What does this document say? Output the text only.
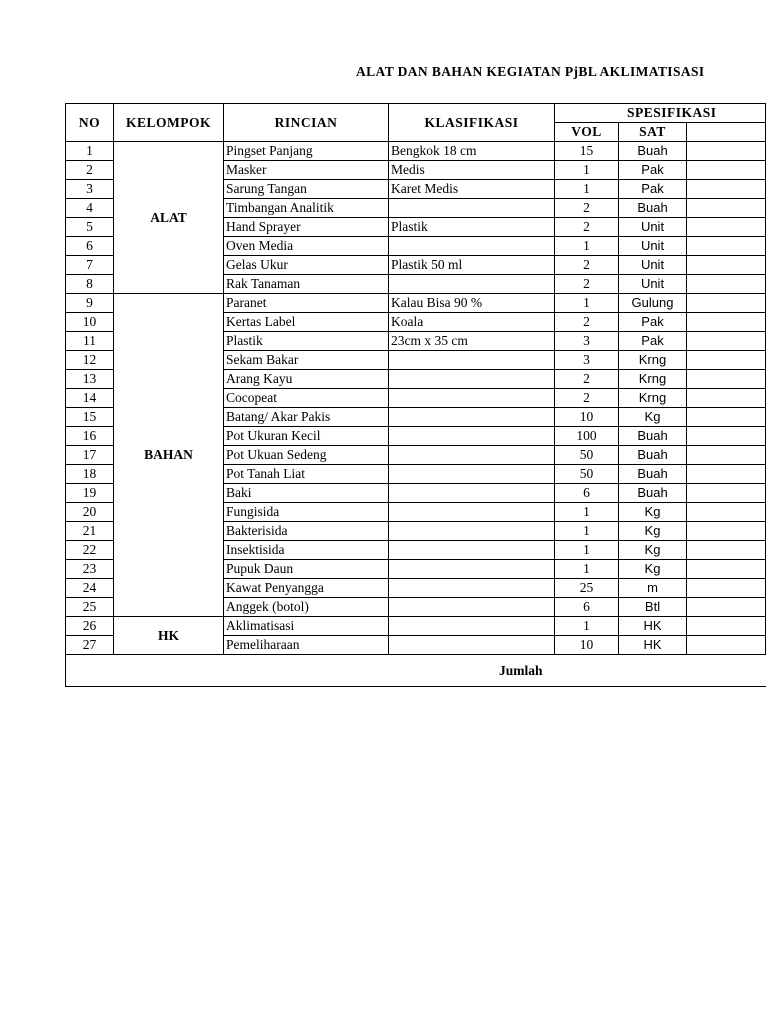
ALAT DAN BAHAN KEGIATAN PjBL AKLIMATISASI
NO	KELOMPOK	RINCIAN	KLASIFIKASI	SPESIFIKASI		
				VOL	SAT	
1	ALAT	Pingset Panjang	Bengkok 18 cm	15	Buah	
2		Masker	Medis	1	Pak	
3		Sarung Tangan	Karet Medis	1	Pak	
4		Timbangan Analitik		2	Buah	
5		Hand Sprayer	Plastik	2	Unit	
6		Oven Media		1	Unit	
7		Gelas Ukur	Plastik 50 ml	2	Unit	
8		Rak Tanaman		2	Unit	
9	BAHAN	Paranet	Kalau Bisa 90 %	1	Gulung	
10		Kertas Label	Koala	2	Pak	
11		Plastik	23cm x 35 cm	3	Pak	
12		Sekam Bakar		3	Krng	
13		Arang Kayu		2	Krng	
14		Cocopeat		2	Krng	
15		Batang/ Akar Pakis		10	Kg	
16		Pot Ukuran Kecil		100	Buah	
17		Pot Ukuan Sedeng		50	Buah	
18		Pot Tanah Liat		50	Buah	
19		Baki		6	Buah	
20		Fungisida		1	Kg	
21		Bakterisida		1	Kg	
22		Insektisida		1	Kg	
23		Pupuk Daun		1	Kg	
24		Kawat Penyangga		25	m	
25		Anggek (botol)		6	Btl	
26	HK	Aklimatisasi		1	HK	
27		Pemeliharaan		10	HK	
Jumlah						
